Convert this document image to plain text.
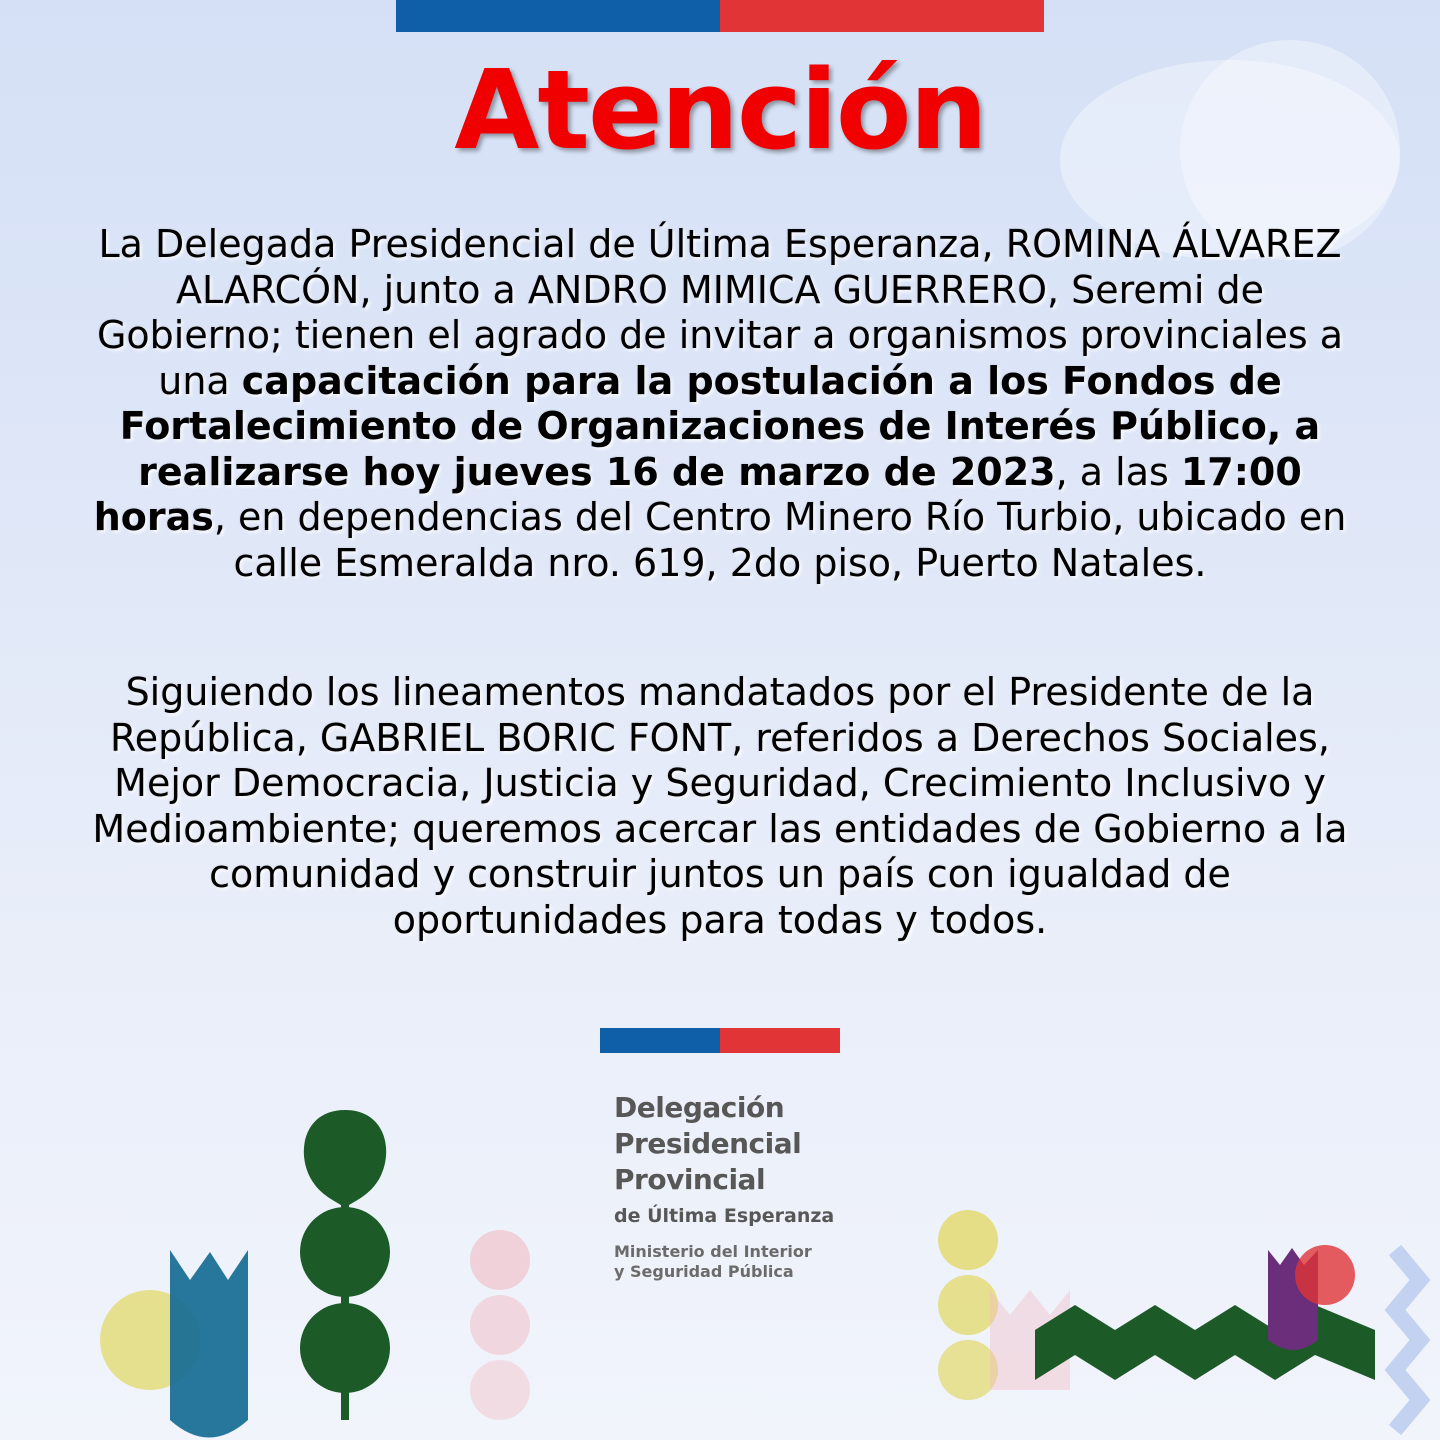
Atención
La Delegada Presidencial de Última Esperanza, ROMINA ÁLVAREZ ALARCÓN, junto a ANDRO MIMICA GUERRERO, Seremi de Gobierno; tienen el agrado de invitar a organismos provinciales a una capacitación para la postulación a los Fondos de Fortalecimiento de Organizaciones de Interés Público, a realizarse hoy jueves 16 de marzo de 2023, a las 17:00 horas, en dependencias del Centro Minero Río Turbio, ubicado en calle Esmeralda nro. 619, 2do piso, Puerto Natales.
Siguiendo los lineamentos mandatados por el Presidente de la República, GABRIEL BORIC FONT, referidos a Derechos Sociales, Mejor Democracia, Justicia y Seguridad, Crecimiento Inclusivo y Medioambiente; queremos acercar las entidades de Gobierno a la comunidad y construir juntos un país con igualdad de oportunidades para todas y todos.
Delegación
Presidencial
Provincial
de Última Esperanza
Ministerio del Interior
y Seguridad Pública
